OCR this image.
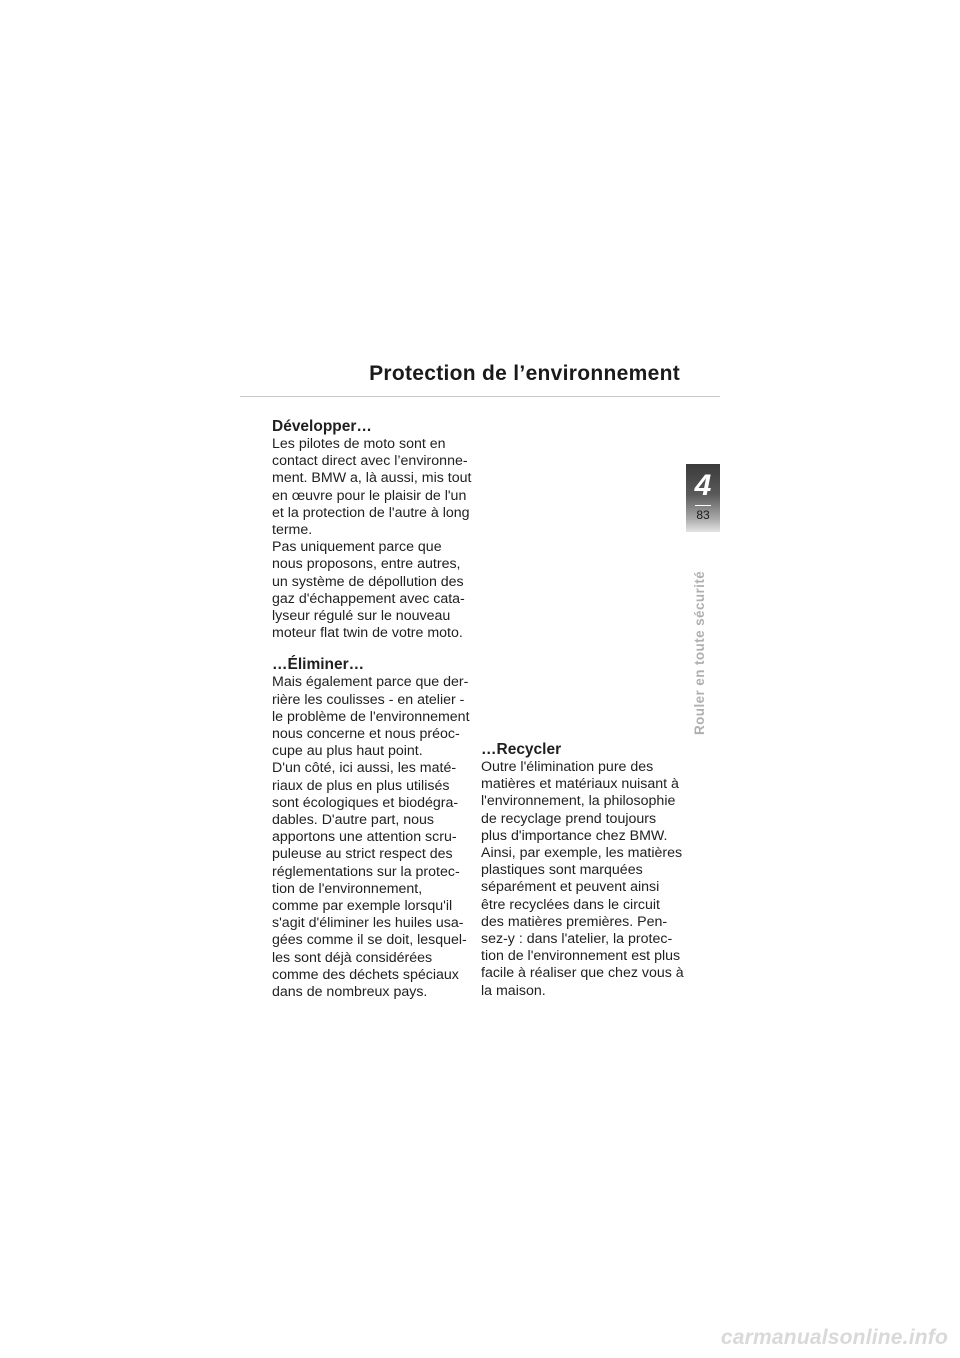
Protection de l’environnement

Développer…

Les pilotes de moto sont en
contact direct avec l’environne-
ment. BMW a, là aussi, mis tout
en œuvre pour le plaisir de l'un
et la protection de l'autre à long
terme.
Pas uniquement parce que
nous proposons, entre autres,
un système de dépollution des
gaz d'échappement avec cata-
lyseur régulé sur le nouveau
moteur flat twin de votre moto.

…Éliminer…

Mais également parce que der-
rière les coulisses - en atelier -
le problème de l'environnement
nous concerne et nous préoc-
cupe au plus haut point.
D'un côté, ici aussi, les maté-
riaux de plus en plus utilisés
sont écologiques et biodégra-
dables. D'autre part, nous
apportons une attention scru-
puleuse au strict respect des
réglementations sur la protec-
tion de l'environnement,
comme par exemple lorsqu'il
s'agit d'éliminer les huiles usa-
gées comme il se doit, lesquel-
les sont déjà considérées
comme des déchets spéciaux
dans de nombreux pays.

…Recycler

Outre l'élimination pure des
matières et matériaux nuisant à
l'environnement, la philosophie
de recyclage prend toujours
plus d'importance chez BMW.
Ainsi, par exemple, les matières
plastiques sont marquées
séparément et peuvent ainsi
être recyclées dans le circuit
des matières premières. Pen-
sez-y : dans l'atelier, la protec-
tion de l'environnement est plus
facile à réaliser que chez vous à
la maison.

4
83
Rouler en toute sécurité
carmanualsonline.info
